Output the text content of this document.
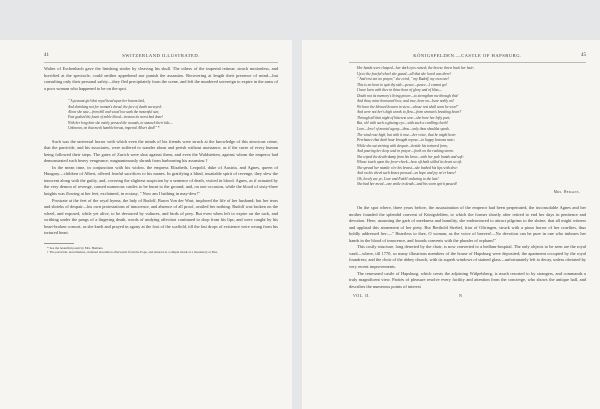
41	SWITZERLAND ILLUSTRATED.

Walter of Eschenbach gave the finishing stroke by cleaving his skull. The others of the imperial retinue, struck motionless, and horrified at the spectacle, could neither apprehend nor punish the assassins. Recovering at length their presence of mind—but consulting only their personal safety—they fled precipitately from the scene, and left the murdered sovereign to expire in the arms of a poor woman who happened to be on the spot.

" A peasant girl that royal head upon her bosom laid,
And shrinking not for woman's dread, the face of death surveyed:
Alone she sate—from hill and wood low sank the mournful sun;
Fast gushed the fount of noble blood—treason its worst had done!
With her long hair she vainly pressed the wounds, to staunch their tide—
Unknown, on that meek humble breast, imperial Albert died!" *

Such was the universal horror with which even the minds of his friends were struck at the knowledge of this atrocious crime, that the parricide, and his associates, were suffered to wander about and perish without assistance, as if the curse of every human being followed their steps. The gates of Zurich were shut against them; and even the Waldstetten, against whom the emperor had demonstrated such heavy vengeance, magnanimously shrank from harbouring his assassins.†

In the mean time, in conjunction with his widow, the empress Elizabeth, Leopold, duke of Austria, and Agnes, queen of Hungary—children of Albert, offered fearful sacrifices to his manes. In gratifying a blind, insatiable spirit of revenge, they slew the innocent along with the guilty, and, covering the slightest suspicion by a sentence of death, visited in blood. Agnes, as if actuated by the very demon of revenge, caused numerous castles to be burnt to the ground; and, on one occasion, while the blood of sixty-three knights was flowing at her feet, exclaimed, in ecstasy, " Now am I bathing in may-dew!"

Prostrate at the feet of the royal hyena, the lady of Rudolf, Baron Von der Wart, implored the life of her husband; but her tears and shrieks of despair—his own protestations of innocence, and absence of all proof, availed her nothing. Rudolf was broken on the wheel, and exposed, while yet alive, to be devoured by vultures, and birds of prey. But even when left to expire on the rack, and writhing under the pangs of a lingering death, words of undying affection continued to drop from his lips; and were caught by his heart-broken consort, as she knelt and prayed in agony at the foot of the scaffold, till the last drops of existence were wrung from his tortured heart.

* See the beautiful poem by Mrs. Hemans.

† The parricide, nevertheless, obtained absolution afterwards from the Pope, and entered as a simple monk at a monastery at Pisa.

KÖNIGSFELDEN.—CASTLE OF HAPSBURG.	45
Her hands were clasped—her dark eyes raised; the breeze threw back her hair;
Up to the fearful wheel she gazed—all that she loved was there!
" And rest not no prayer," she cried, " my Rudolf, my own one!
This is no hour to quit thy side—peace—peace—I cannot go!
I have been with thee in thine hour of glory and of bliss—
Doubt not its memory's living power—to strengthen me through this!
And thou, mine honoured love, and true, bear on—bear nobly on!
We have the blessed heaven in view—whose rest shall soon be won!"
And were not her's high words to flow—from woman's breaking heart?
Through all that night of bitterest woe—she bore her lofty part;
But, oh! with such a glazing eye—with such a curdling cheek!
Love—love! of mortal agony—thou—only thou shouldst speak.
The wind rose high, but with it rose—her voice, that he might hear:
Perchance that dark hour brought repose—to happy bosoms near;
While she sat striving with despair—beside his tortured form,
And pouring her deep soul in prayer—forth on the rushing storm.
She wiped the death-damp from his brow—with her pale hands and soft:
Whose touch upon the fever-cheek—how oft hath stilled its heart so oft.
She spread her mantle o'er his breast—she bathed his lips with dew:
And on his cheek such kisses pressed—as hope and joy ne'er knew!
Oh, lovely are ye, Love and Faith! enduring to the last!
She had her meed—one smile in death—and his worn spirit passed!
Mrs. Hemans.

On the spot where, three years before, the assassination of the emperor had been perpetrated, the inconsolable Agnes and her mother founded the splendid convent of Königsfelden, to which the former shortly after retired to end her days in penitence and devotion. Here, assuming the garb of meekness and humility, she endeavoured to attract pilgrims to the shrine, that all might witness and applaud this atonement of her piety. But Berthold Strebel, friar of Oftringen, struck with a pious horror of her cruelties, thus boldly addressed her:—" Heartless to thee, O woman, as the voice of heaven!—No devotion can be pure in one who imbrues her hands in the blood of innocence, and founds convents with the plunder of orphans!"

This costly structure, long deserted by the choir, is now converted to a bedlam-hospital. The only objects to be seen are the royal vault—where, till 1770, so many illustrious members of the house of Hapsburg were deposited; the apartment occupied by the royal foundress; and the choir of the abbey church, with its superb windows of stained glass—unfortunately left to decay, unless obviated by very recent improvements.

The renowned castle of Hapsburg, which crests the adjoining Wülpelsberg, is much resorted to by strangers, and commands a truly magnificent view. Parties of pleasure resolve every facility and attention from the concierge, who shows the antique hall, and describes the numerous points of interest

VOL. II.	N
